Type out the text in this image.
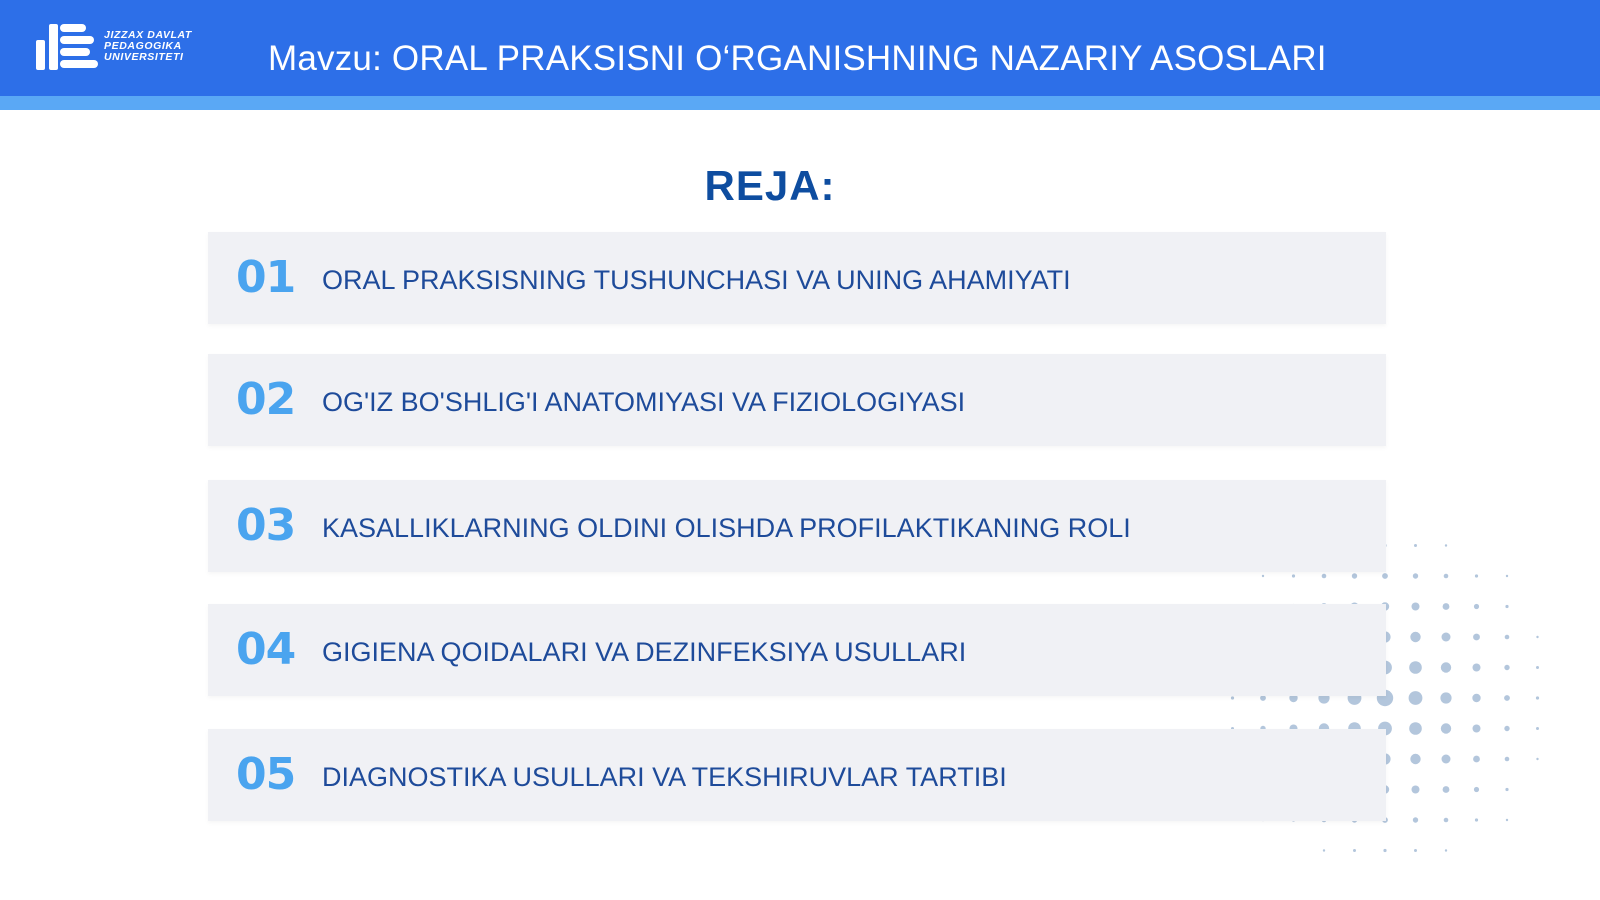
JIZZAX DAVLAT
PEDAGOGIKA
UNIVERSITETI	Mavzu: ORAL PRAKSISNI O‘RGANISHNING NAZARIY ASOSLARI
REJA:
01 ORAL PRAKSISNING TUSHUNCHASI VA UNING AHAMIYATI
02 OG'IZ BO'SHLIG'I ANATOMIYASI VA FIZIOLOGIYASI
03 KASALLIKLARNING OLDINI OLISHDA PROFILAKTIKANING ROLI
04 GIGIENA QOIDALARI VA DEZINFEKSIYA USULLARI
05 DIAGNOSTIKA USULLARI VA TEKSHIRUVLAR TARTIBI
